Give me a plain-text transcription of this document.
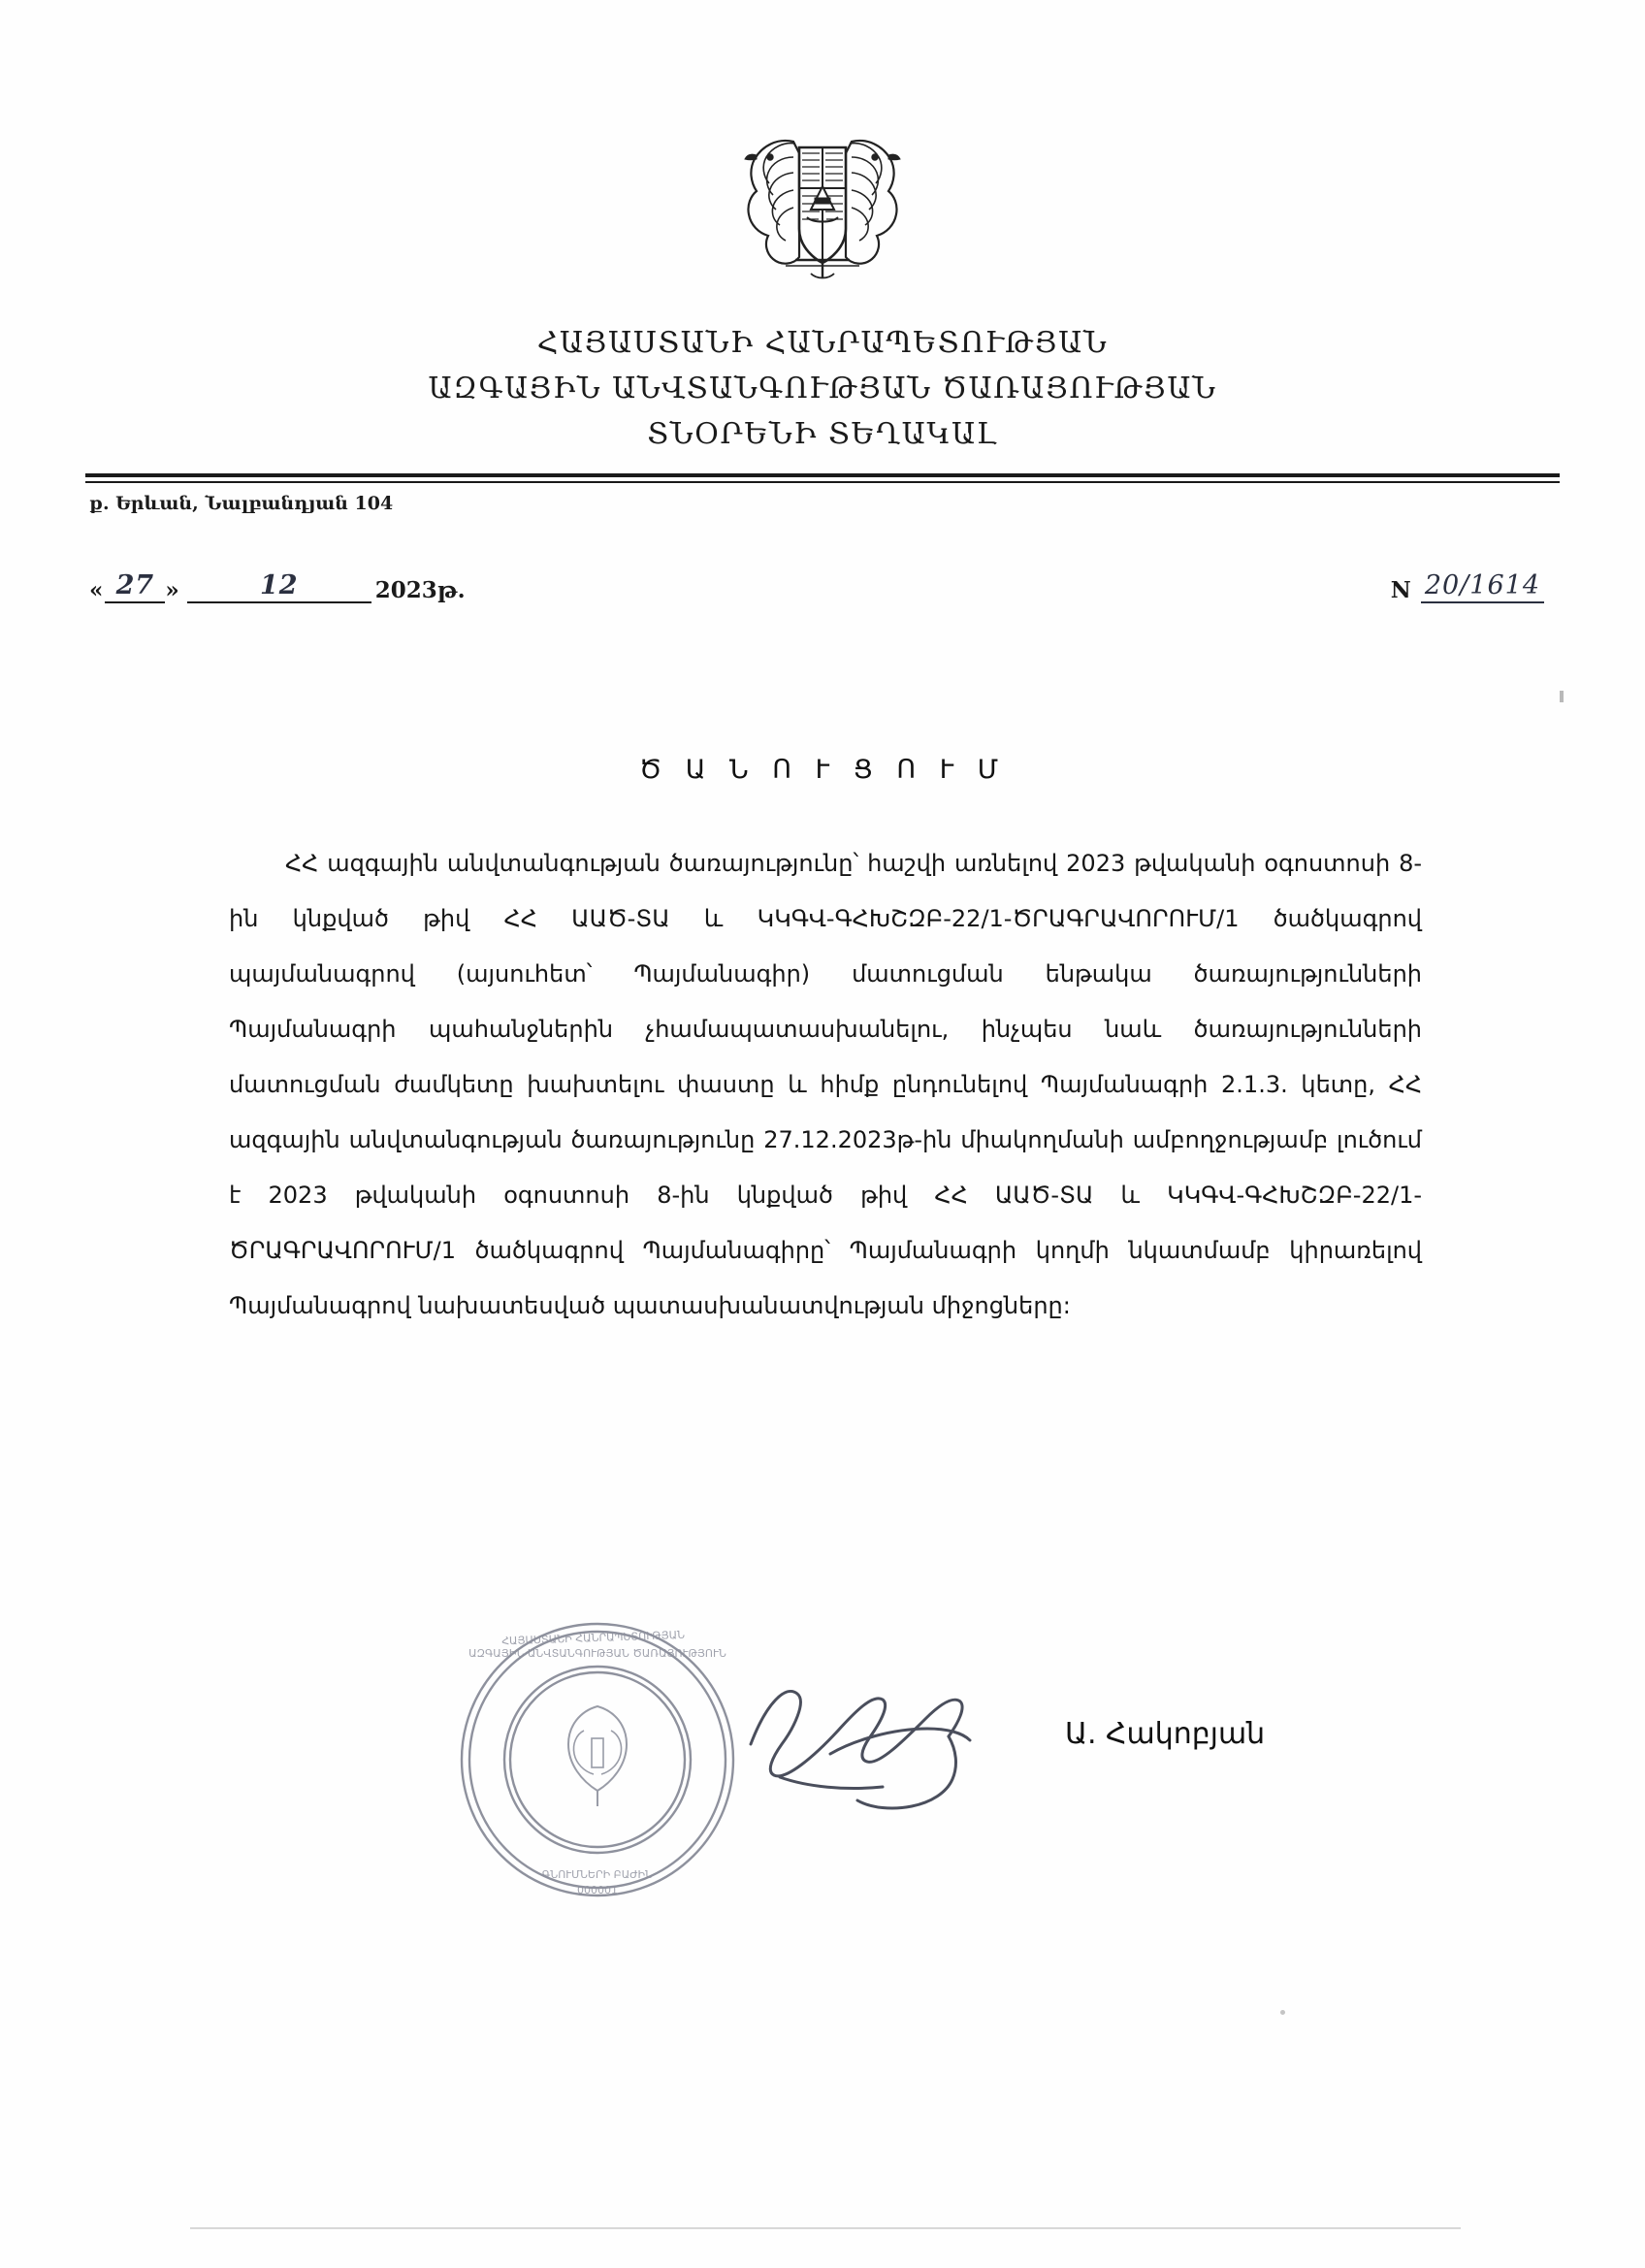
ՀԱՅԱՍՏԱՆԻ ՀԱՆՐԱՊԵՏՈՒԹՅԱՆ
ԱԶԳԱՅԻՆ ԱՆՎՏԱՆԳՈՒԹՅԱՆ ԾԱՌԱՅՈՒԹՅԱՆ
ՏՆՕՐԵՆԻ ՏԵՂԱԿԱԼ
ք. Երևան, Նալբանդյան 104
« 27 »	12	2023թ.	N 20/1614
Ծ Ա Ն Ո Ւ Ց Ո Ւ Մ

ՀՀ ազգային անվտանգության ծառայությունը՝ հաշվի առնելով 2023 թվականի օգոստոսի 8-ին կնքված թիվ ՀՀ ԱԱԾ-ՏԱ և ԿԿԳՎ-ԳՀԽՇԶԲ-22/1-ԾՐԱԳՐԱՎՈՐՈՒՄ/1 ծածկագրով պայմանագրով (այսուհետ՝ Պայմանագիր) մատուցման ենթակա ծառայությունների Պայմանագրի պահանջներին չհամապատասխանելու, ինչպես նաև ծառայությունների մատուցման ժամկետը խախտելու փաստը և հիմք ընդունելով Պայմանագրի 2.1.3. կետը, ՀՀ ազգային անվտանգության ծառայությունը 27.12.2023թ-ին միակողմանի ամբողջությամբ լուծում է 2023 թվականի օգոստոսի 8-ին կնքված թիվ ՀՀ ԱԱԾ-ՏԱ և ԿԿԳՎ-ԳՀԽՇԶԲ-22/1-ԾՐԱԳՐԱՎՈՐՈՒՄ/1 ծածկագրով Պայմանագիրը՝ Պայմանագրի կողմի նկատմամբ կիրառելով Պայմանագրով նախատեսված պատասխանատվության միջոցները:

ՀԱՅԱՍՏԱՆԻ ՀԱՆՐԱՊԵՏՈՒԹՅԱՆ
ԱԶԳԱՅԻՆ ԱՆՎՏԱՆԳՈՒԹՅԱՆ ԾԱՌԱՅՈՒԹՅՈՒՆ
ԳՆՈՒՄՆԵՐԻ ԲԱԺԻՆ
000001
Ա. Հակոբյան
